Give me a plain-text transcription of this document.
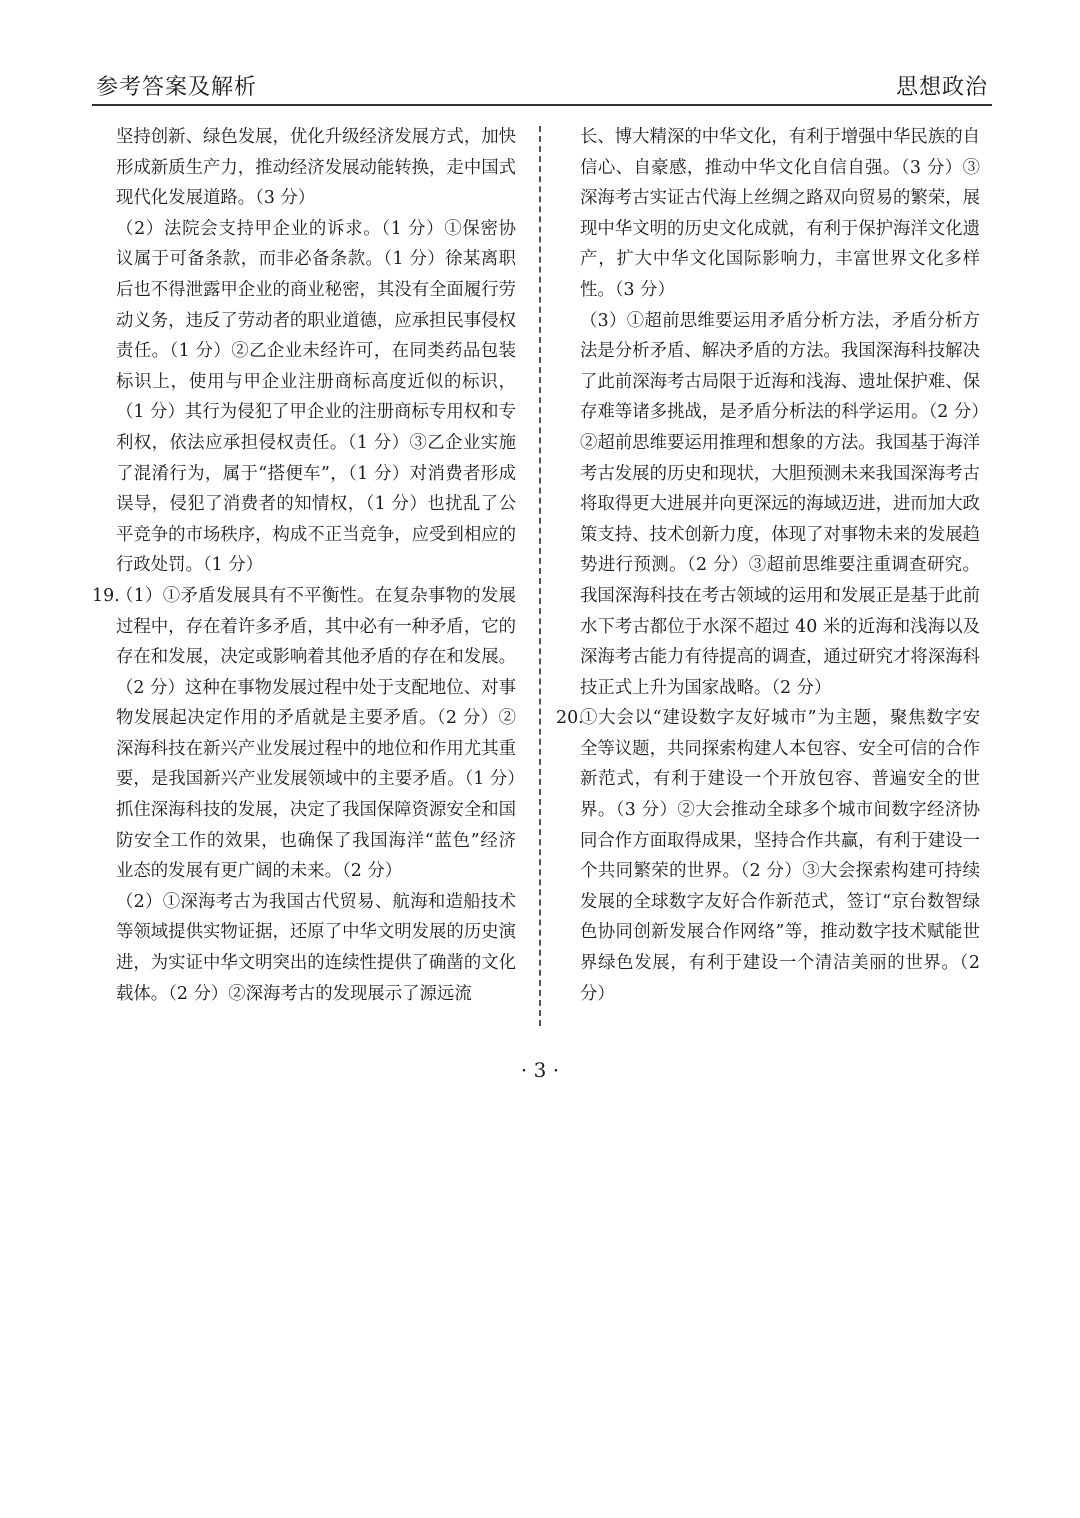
参考答案及解析	思想政治

坚持创新、绿色发展，优化升级经济发展方式，加快形成新质生产力，推动经济发展动能转换，走中国式现代化发展道路。（3 分）

（2）法院会支持甲企业的诉求。（1 分）①保密协议属于可备条款，而非必备条款。（1 分）徐某离职后也不得泄露甲企业的商业秘密，其没有全面履行劳动义务，违反了劳动者的职业道德，应承担民事侵权责任。（1 分）②乙企业未经许可，在同类药品包装标识上，使用与甲企业注册商标高度近似的标识，（1 分）其行为侵犯了甲企业的注册商标专用权和专利权，依法应承担侵权责任。（1 分）③乙企业实施了混淆行为，属于“搭便车”，（1 分）对消费者形成误导，侵犯了消费者的知情权，（1 分）也扰乱了公平竞争的市场秩序，构成不正当竞争，应受到相应的行政处罚。（1 分）

19.

（1）①矛盾发展具有不平衡性。在复杂事物的发展过程中，存在着许多矛盾，其中必有一种矛盾，它的存在和发展，决定或影响着其他矛盾的存在和发展。（2 分）这种在事物发展过程中处于支配地位、对事物发展起决定作用的矛盾就是主要矛盾。（2 分）②深海科技在新兴产业发展过程中的地位和作用尤其重要，是我国新兴产业发展领域中的主要矛盾。（1 分）抓住深海科技的发展，决定了我国保障资源安全和国防安全工作的效果，也确保了我国海洋“蓝色”经济业态的发展有更广阔的未来。（2 分）

（2）①深海考古为我国古代贸易、航海和造船技术等领域提供实物证据，还原了中华文明发展的历史演进，为实证中华文明突出的连续性提供了确凿的文化载体。（2 分）②深海考古的发现展示了源远流

长、博大精深的中华文化，有利于增强中华民族的自信心、自豪感，推动中华文化自信自强。（3 分）③深海考古实证古代海上丝绸之路双向贸易的繁荣，展现中华文明的历史文化成就，有利于保护海洋文化遗产，扩大中华文化国际影响力，丰富世界文化多样性。（3 分）

（3）①超前思维要运用矛盾分析方法，矛盾分析方法是分析矛盾、解决矛盾的方法。我国深海科技解决了此前深海考古局限于近海和浅海、遗址保护难、保存难等诸多挑战，是矛盾分析法的科学运用。（2 分）②超前思维要运用推理和想象的方法。我国基于海洋考古发展的历史和现状，大胆预测未来我国深海考古将取得更大进展并向更深远的海域迈进，进而加大政策支持、技术创新力度，体现了对事物未来的发展趋势进行预测。（2 分）③超前思维要注重调查研究。我国深海科技在考古领域的运用和发展正是基于此前水下考古都位于水深不超过 40 米的近海和浅海以及深海考古能力有待提高的调查，通过研究才将深海科技正式上升为国家战略。（2 分）

20.

①大会以“建设数字友好城市”为主题，聚焦数字安全等议题，共同探索构建人本包容、安全可信的合作新范式，有利于建设一个开放包容、普遍安全的世界。（3 分）②大会推动全球多个城市间数字经济协同合作方面取得成果，坚持合作共赢，有利于建设一个共同繁荣的世界。（2 分）③大会探索构建可持续发展的全球数字友好合作新范式，签订“京台数智绿色协同创新发展合作网络”等，推动数字技术赋能世界绿色发展，有利于建设一个清洁美丽的世界。（2 分）

· 3 ·
